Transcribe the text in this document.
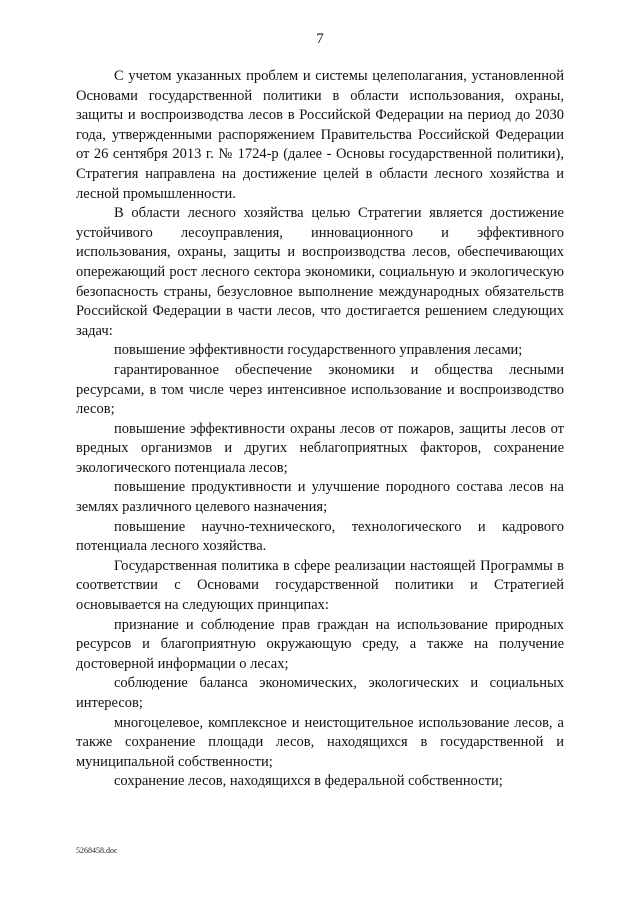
7

С учетом указанных проблем и системы целеполагания, установленной Основами государственной политики в области использования, охраны, защиты и воспроизводства лесов в Российской Федерации на период до 2030 года, утвержденными распоряжением Правительства Российской Федерации от 26 сентября 2013 г. № 1724-р (далее - Основы государственной политики), Стратегия направлена на достижение целей в области лесного хозяйства и лесной промышленности.

В области лесного хозяйства целью Стратегии является достижение устойчивого лесоуправления, инновационного и эффективного использования, охраны, защиты и воспроизводства лесов, обеспечивающих опережающий рост лесного сектора экономики, социальную и экологическую безопасность страны, безусловное выполнение международных обязательств Российской Федерации в части лесов, что достигается решением следующих задач:

повышение эффективности государственного управления лесами;

гарантированное обеспечение экономики и общества лесными ресурсами, в том числе через интенсивное использование и воспроизводство лесов;

повышение эффективности охраны лесов от пожаров, защиты лесов от вредных организмов и других неблагоприятных факторов, сохранение экологического потенциала лесов;

повышение продуктивности и улучшение породного состава лесов на землях различного целевого назначения;

повышение научно-технического, технологического и кадрового потенциала лесного хозяйства.

Государственная политика в сфере реализации настоящей Программы в соответствии с Основами государственной политики и Стратегией основывается на следующих принципах:

признание и соблюдение прав граждан на использование природных ресурсов и благоприятную окружающую среду, а также на получение достоверной информации о лесах;

соблюдение баланса экономических, экологических и социальных интересов;

многоцелевое, комплексное и неистощительное использование лесов, а также сохранение площади лесов, находящихся в государственной и муниципальной собственности;

сохранение лесов, находящихся в федеральной собственности;

5268458.doc
